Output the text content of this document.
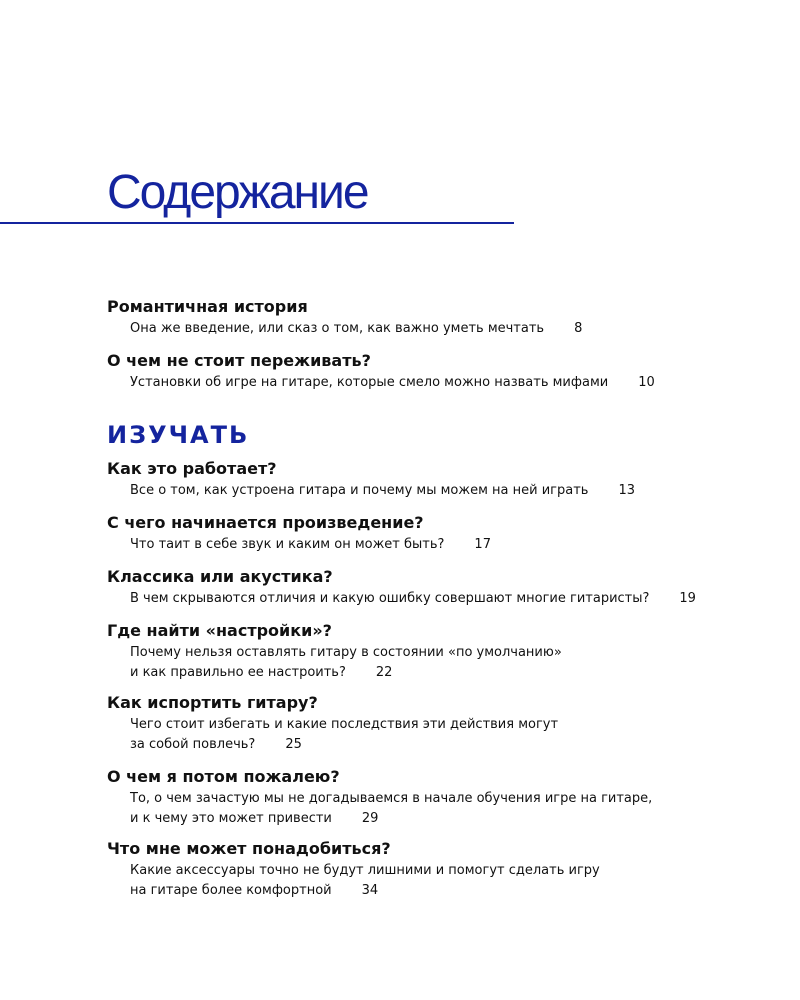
Содержание

Романтичная история

Она же введение, или сказ о том, как важно уметь мечтать 8

О чем не стоит переживать?

Установки об игре на гитаре, которые смело можно назвать мифами 10

ИЗУЧАТЬ

Как это работает?

Все о том, как устроена гитара и почему мы можем на ней играть 13

С чего начинается произведение?

Что таит в себе звук и каким он может быть? 17

Классика или акустика?

В чем скрываются отличия и какую ошибку совершают многие гитаристы? 19

Где найти «настройки»?

Почему нельзя оставлять гитару в состоянии «по умолчанию»
и как правильно ее настроить? 22

Как испортить гитару?

Чего стоит избегать и какие последствия эти действия могут
за собой повлечь? 25

О чем я потом пожалею?

То, о чем зачастую мы не догадываемся в начале обучения игре на гитаре,
и к чему это может привести 29

Что мне может понадобиться?

Какие аксессуары точно не будут лишними и помогут сделать игру
на гитаре более комфортной 34
